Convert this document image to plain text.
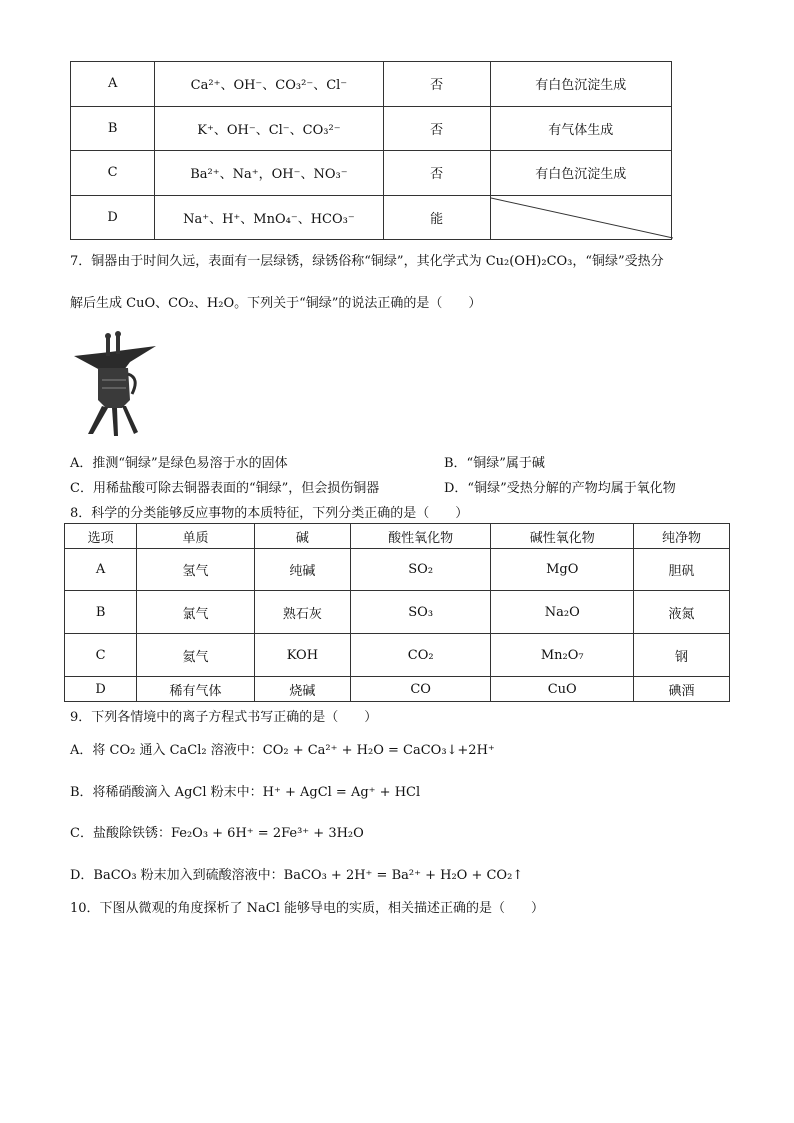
A	Ca²⁺、OH⁻、CO₃²⁻、Cl⁻	否	有白色沉淀生成
B	K⁺、OH⁻、Cl⁻、CO₃²⁻	否	有气体生成
C	Ba²⁺、Na⁺，OH⁻、NO₃⁻	否	有白色沉淀生成
D	Na⁺、H⁺、MnO₄⁻、HCO₃⁻	能	
7．铜器由于时间久远，表面有一层绿锈，绿锈俗称“铜绿”，其化学式为 Cu₂(OH)₂CO₃，“铜绿”受热分
解后生成 CuO、CO₂、H₂O。下列关于“铜绿”的说法正确的是（　　）
A．推测“铜绿”是绿色易溶于水的固体	B．“铜绿”属于碱
C．用稀盐酸可除去铜器表面的“铜绿”，但会损伤铜器	D．“铜绿”受热分解的产物均属于氧化物
8．科学的分类能够反应事物的本质特征，下列分类正确的是（　　）
选项	单质	碱	酸性氧化物	碱性氧化物	纯净物
A	氢气	纯碱	SO₂	MgO	胆矾
B	氯气	熟石灰	SO₃	Na₂O	液氮
C	氦气	KOH	CO₂	Mn₂O₇	钢
D	稀有气体	烧碱	CO	CuO	碘酒
9．下列各情境中的离子方程式书写正确的是（　　）
A．将 CO₂ 通入 CaCl₂ 溶液中：CO₂ + Ca²⁺ + H₂O = CaCO₃↓+2H⁺
B．将稀硝酸滴入 AgCl 粉末中：H⁺ + AgCl = Ag⁺ + HCl
C．盐酸除铁锈：Fe₂O₃ + 6H⁺ = 2Fe³⁺ + 3H₂O
D．BaCO₃ 粉末加入到硫酸溶液中：BaCO₃ + 2H⁺ = Ba²⁺ + H₂O + CO₂↑
10．下图从微观的角度探析了 NaCl 能够导电的实质，相关描述正确的是（　　）
